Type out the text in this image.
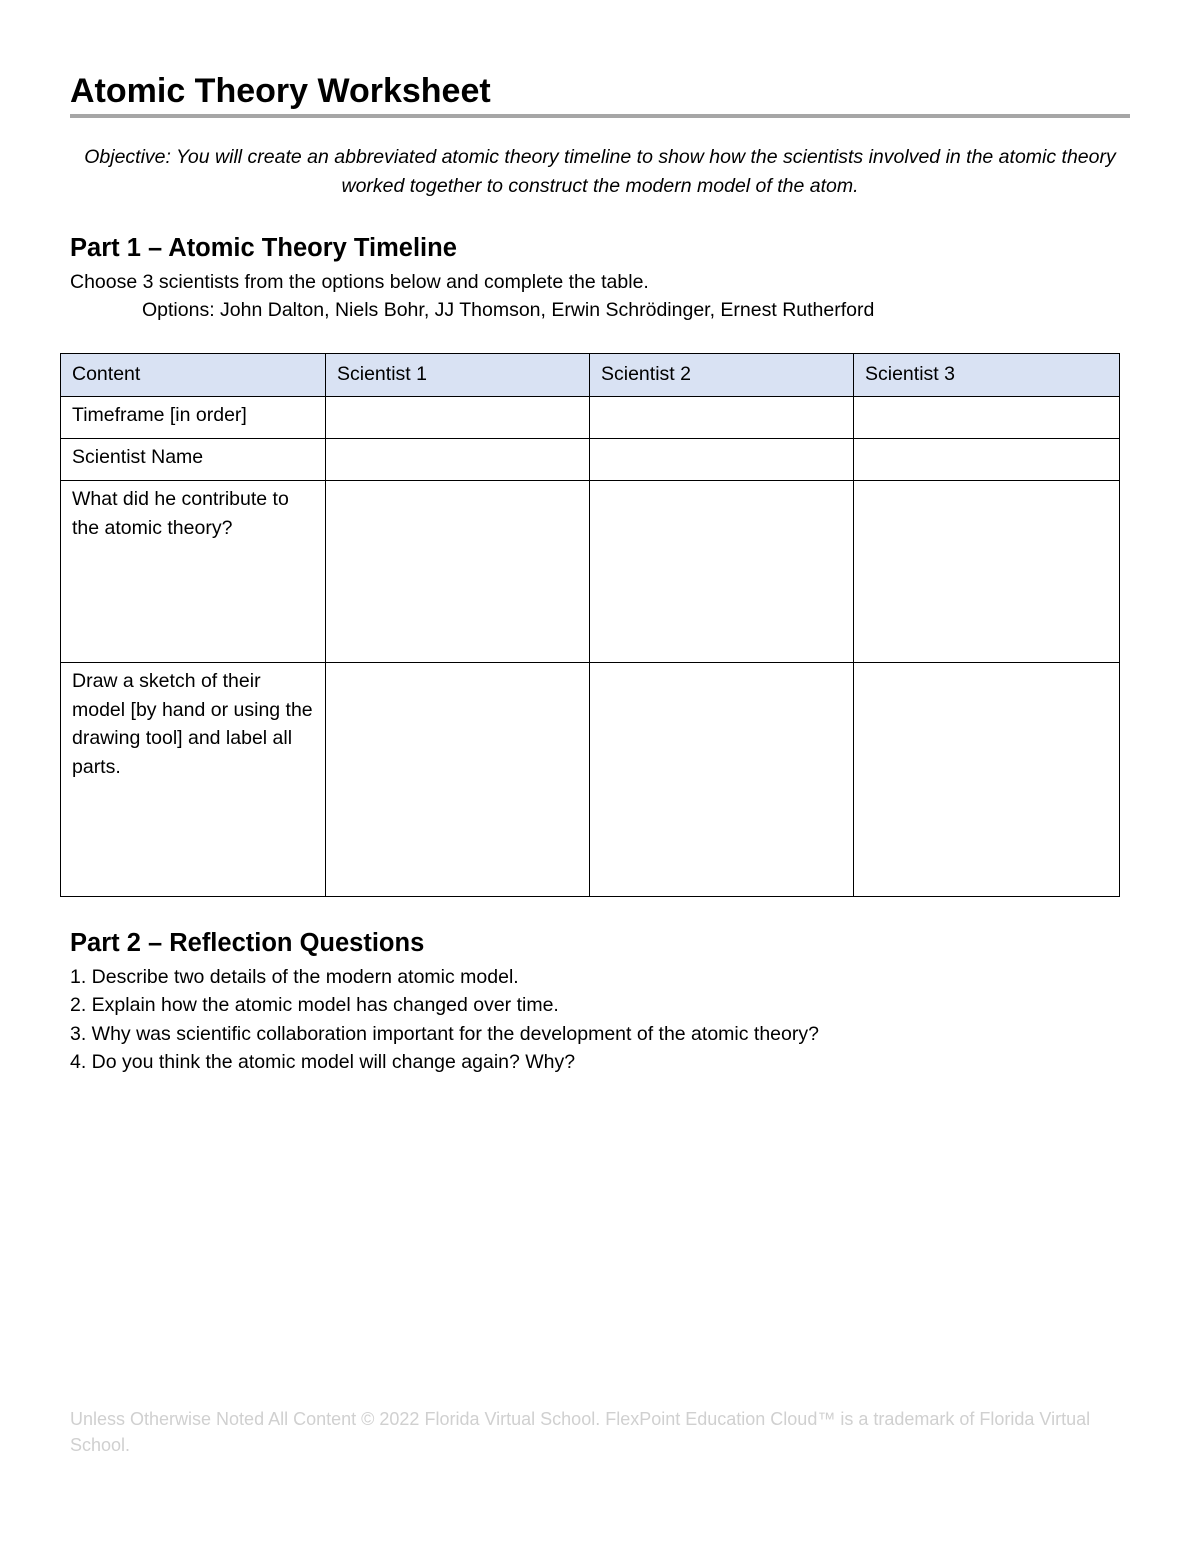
Atomic Theory Worksheet

Objective: You will create an abbreviated atomic theory timeline to show how the scientists involved in the atomic theory worked together to construct the modern model of the atom.

Part 1 – Atomic Theory Timeline

Choose 3 scientists from the options below and complete the table.

Options: John Dalton, Niels Bohr, JJ Thomson, Erwin Schrödinger, Ernest Rutherford

Content	Scientist 1	Scientist 2	Scientist 3
Timeframe [in order]			
Scientist Name			
What did he contribute to the atomic theory?			
Draw a sketch of their model [by hand or using the drawing tool] and label all parts.			
Part 2 – Reflection Questions
1. Describe two details of the modern atomic model.
2. Explain how the atomic model has changed over time.
3. Why was scientific collaboration important for the development of the atomic theory?
4. Do you think the atomic model will change again? Why?

Unless Otherwise Noted All Content © 2022 Florida Virtual School. FlexPoint Education Cloud™ is a trademark of Florida Virtual School.
